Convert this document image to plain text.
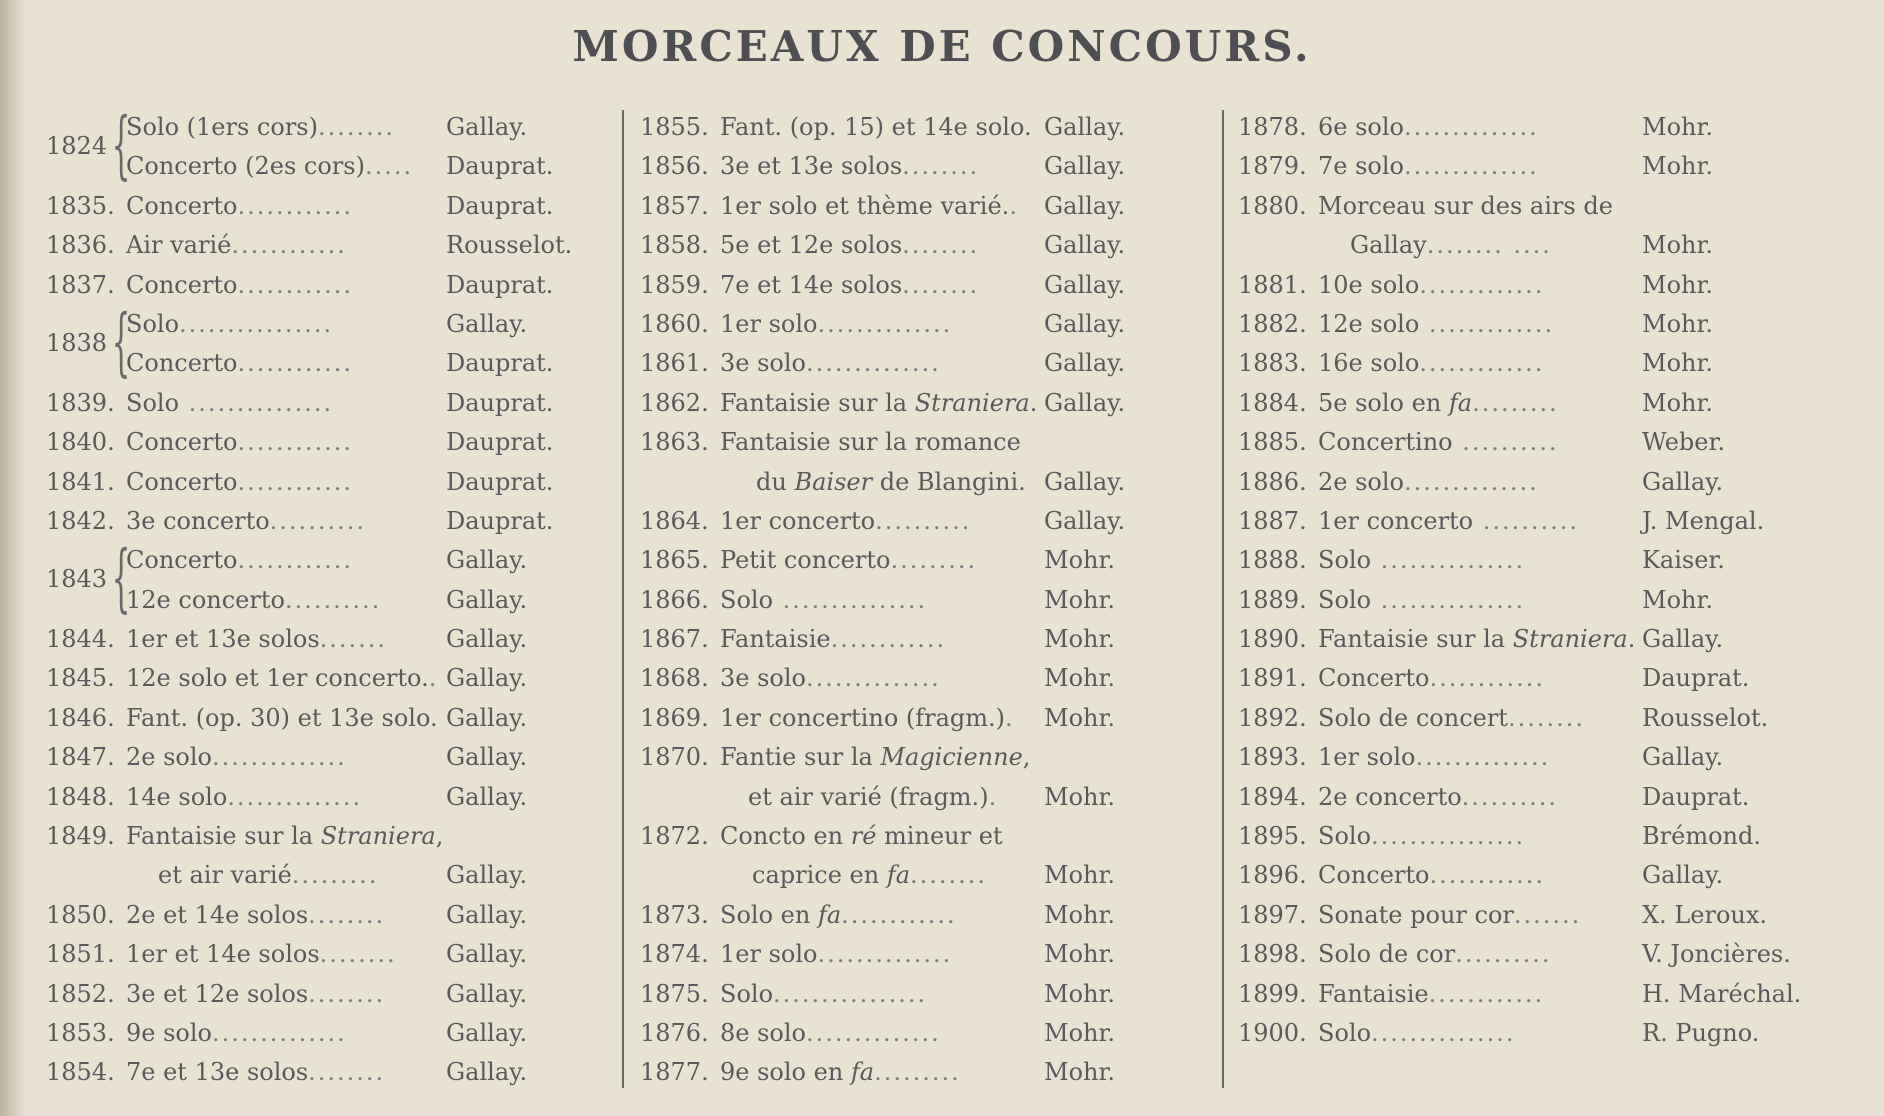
MORCEAUX DE CONCOURS.
1824 {
Solo (1ers cors)........ Gallay.
Concerto (2es cors)..... Dauprat.
1835. Concerto............	Dauprat.
1836. Air varié............	Rousselot.
1837. Concerto............	Dauprat.
1838 {
Solo................	Gallay.
Concerto............	Dauprat.
1839. Solo ...............	Dauprat.
1840. Concerto............	Dauprat.
1841. Concerto............	Dauprat.
1842. 3e concerto..........	Dauprat.
1843 {
Concerto............	Gallay.
12e concerto..........	Gallay.
1844. 1er et 13e solos....... Gallay.
1845. 12e solo et 1er concerto.. Gallay.
1846. Fant. (op. 30) et 13e solo. Gallay.
1847. 2e solo..............	Gallay.
1848. 14e solo..............	Gallay.
1849. Fantaisie sur la Straniera,
et air varié.........	Gallay.
1850. 2e et 14e solos........	Gallay.
1851. 1er et 14e solos........ Gallay.
1852. 3e et 12e solos........	Gallay.
1853. 9e solo..............	Gallay.
1854. 7e et 13e solos........	Gallay.
1855. Fant. (op. 15) et 14e solo. Gallay.
1856. 3e et 13e solos........	Gallay.
1857. 1er solo et thème varié.. Gallay.
1858. 5e et 12e solos........	Gallay.
1859. 7e et 14e solos........	Gallay.
1860. 1er solo..............	Gallay.
1861. 3e solo..............	Gallay.
1862. Fantaisie sur la Straniera. Gallay.
1863. Fantaisie sur la romance
du Baiser de Blangini. Gallay.
1864. 1er concerto..........	Gallay.
1865. Petit concerto.........	Mohr.
1866. Solo ...............	Mohr.
1867. Fantaisie............	Mohr.
1868. 3e solo..............	Mohr.
1869. 1er concertino (fragm.). Mohr.
1870. Fantie sur la Magicienne,
et air varié (fragm.). Mohr.
1872. Concto en ré mineur et
caprice en fa........ Mohr.
1873. Solo en fa............	Mohr.
1874. 1er solo..............	Mohr.
1875. Solo................	Mohr.
1876. 8e solo..............	Mohr.
1877. 9e solo en fa.........	Mohr.
1878. 6e solo..............	Mohr.
1879. 7e solo..............	Mohr.
1880. Morceau sur des airs de
Gallay........ ....	Mohr.
1881. 10e solo.............	Mohr.
1882. 12e solo .............	Mohr.
1883. 16e solo.............	Mohr.
1884. 5e solo en fa.........	Mohr.
1885. Concertino ..........	Weber.
1886. 2e solo..............	Gallay.
1887. 1er concerto ..........	J. Mengal.
1888. Solo ...............	Kaiser.
1889. Solo ...............	Mohr.
1890. Fantaisie sur la Straniera. Gallay.
1891. Concerto............	Dauprat.
1892. Solo de concert........ Rousselot.
1893. 1er solo..............	Gallay.
1894. 2e concerto..........	Dauprat.
1895. Solo................	Brémond.
1896. Concerto............	Gallay.
1897. Sonate pour cor.......	X. Leroux.
1898. Solo de cor..........	V. Joncières.
1899. Fantaisie............	H. Maréchal.
1900. Solo...............	R. Pugno.
